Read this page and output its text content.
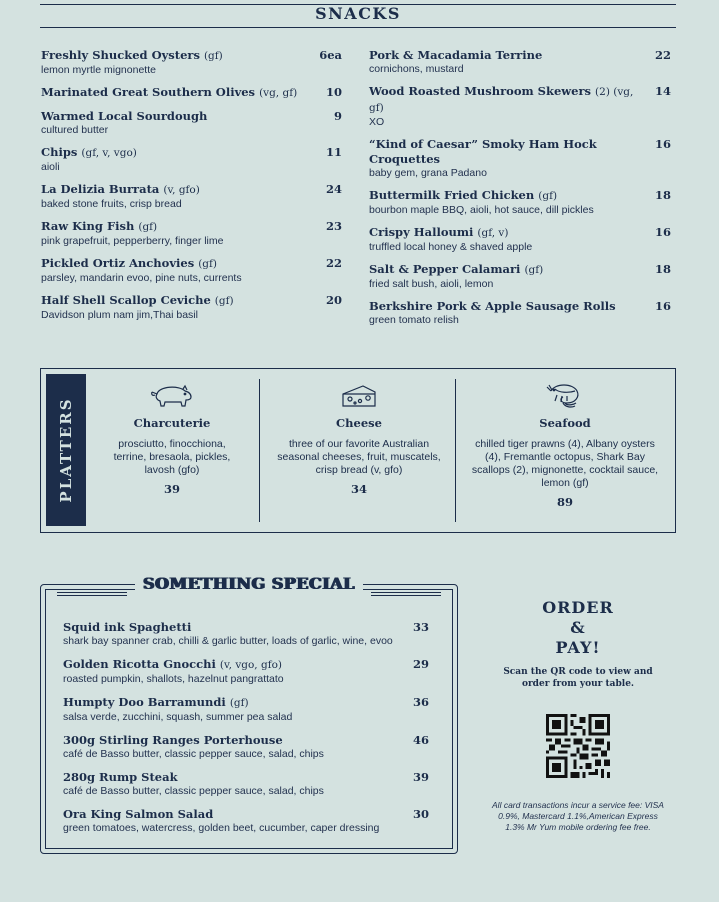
SNACKS
Freshly Shucked Oysters (gf)	6ea
lemon myrtle mignonette
Marinated Great Southern Olives (vg, gf)	10
Warmed Local Sourdough	9
cultured butter
Chips (gf, v, vgo)	11
aioli
La Delizia Burrata (v, gfo)	24
baked stone fruits, crisp bread
Raw King Fish (gf)	23
pink grapefruit, pepperberry, finger lime
Pickled Ortiz Anchovies (gf)	22
parsley, mandarin evoo, pine nuts, currents
Half Shell Scallop Ceviche (gf)	20
Davidson plum nam jim,Thai basil
Pork & Macadamia Terrine	22
cornichons, mustard
Wood Roasted Mushroom Skewers (2) (vg, gf)
14
XO
“Kind of Caesar” Smoky Ham Hock Croquettes
16
baby gem, grana Padano
Buttermilk Fried Chicken (gf)	18
bourbon maple BBQ, aioli, hot sauce, dill pickles
Crispy Halloumi (gf, v)	16
truffled local honey & shaved apple
Salt & Pepper Calamari (gf)	18
fried salt bush, aioli, lemon
Berkshire Pork & Apple Sausage Rolls	16
green tomato relish
PLATTERS	Charcuterie
prosciutto, finocchiona, terrine, bresaola, pickles, lavosh (gfo)
39
Cheese
three of our favorite Australian seasonal cheeses, fruit, muscatels, crisp bread (v, gfo)
34
Seafood
chilled tiger prawns (4), Albany oysters (4), Fremantle octopus, Shark Bay scallops (2), mignonette, cocktail sauce, lemon (gf)
89
SOMETHING SPECIAL
Squid ink Spaghetti	33
shark bay spanner crab, chilli & garlic butter, loads of garlic, wine, evoo
Golden Ricotta Gnocchi (v, vgo, gfo)	29
roasted pumpkin, shallots, hazelnut pangrattato
Humpty Doo Barramundi (gf)	36
salsa verde, zucchini, squash, summer pea salad
300g Stirling Ranges Porterhouse	46
café de Basso butter, classic pepper sauce, salad, chips
280g Rump Steak	39
café de Basso butter, classic pepper sauce, salad, chips
Ora King Salmon Salad	30
green tomatoes, watercress, golden beet, cucumber, caper dressing
ORDER
&
PAY!
Scan the QR code to view and order from your table.
All card transactions incur a service fee: VISA 0.9%, Mastercard 1.1%,American Express 1.3% Mr Yum mobile ordering fee free.
